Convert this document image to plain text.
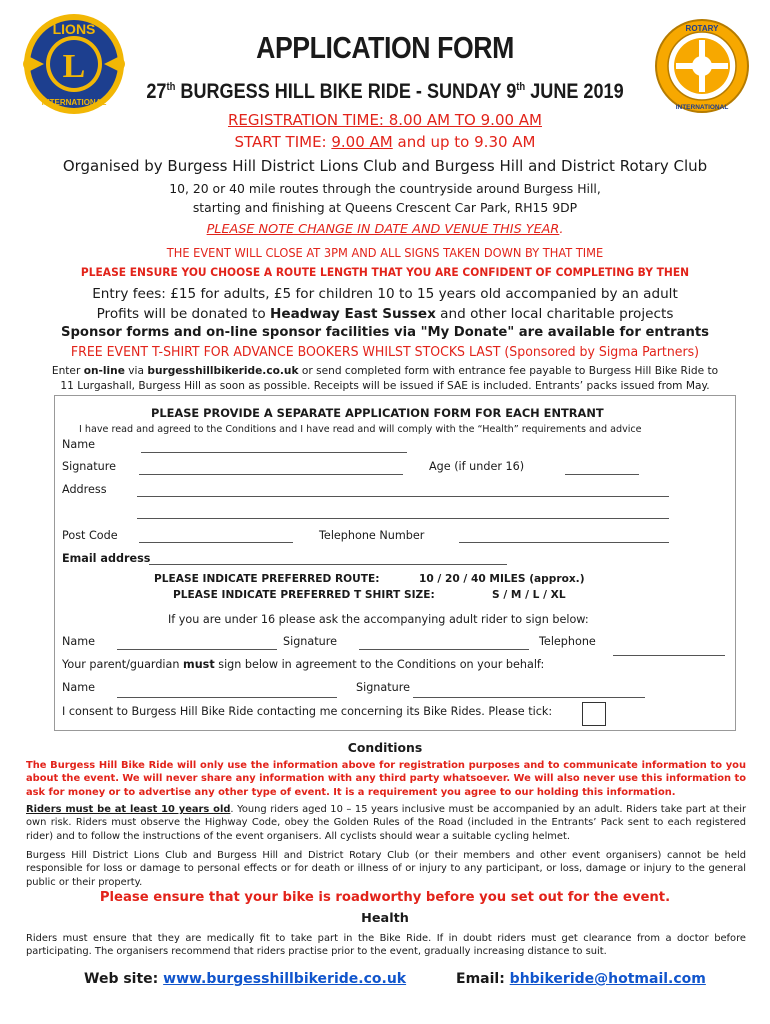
L
LIONS
INTERNATIONAL
ROTARY
INTERNATIONAL
APPLICATION FORM
27th BURGESS HILL BIKE RIDE - SUNDAY 9th JUNE 2019
REGISTRATION TIME: 8.00 AM TO 9.00 AM
START TIME: 9.00 AM and up to 9.30 AM
Organised by Burgess Hill District Lions Club and Burgess Hill and District Rotary Club
10, 20 or 40 mile routes through the countryside around Burgess Hill,
starting and finishing at Queens Crescent Car Park, RH15 9DP
PLEASE NOTE CHANGE IN DATE AND VENUE THIS YEAR.
THE EVENT WILL CLOSE AT 3PM AND ALL SIGNS TAKEN DOWN BY THAT TIME
PLEASE ENSURE YOU CHOOSE A ROUTE LENGTH THAT YOU ARE CONFIDENT OF COMPLETING BY THEN
Entry fees: £15 for adults, £5 for children 10 to 15 years old accompanied by an adult
Profits will be donated to Headway East Sussex and other local charitable projects
Sponsor forms and on-line sponsor facilities via "My Donate" are available for entrants
FREE EVENT T-SHIRT FOR ADVANCE BOOKERS WHILST STOCKS LAST (Sponsored by Sigma Partners)
Enter on-line via burgesshillbikeride.co.uk or send completed form with entrance fee payable to Burgess Hill Bike Ride to
11 Lurgashall, Burgess Hill as soon as possible. Receipts will be issued if SAE is included. Entrants’ packs issued from May.
PLEASE PROVIDE A SEPARATE APPLICATION FORM FOR EACH ENTRANT
I have read and agreed to the Conditions and I have read and will comply with the “Health” requirements and advice
Name
Signature	Age (if under 16)
Address
Post Code	Telephone Number
Email address
PLEASE INDICATE PREFERRED ROUTE:	10 / 20 / 40 MILES (approx.)
PLEASE INDICATE PREFERRED T SHIRT SIZE:	S / M / L / XL
If you are under 16 please ask the accompanying adult rider to sign below:
Name	Signature	Telephone
Your parent/guardian must sign below in agreement to the Conditions on your behalf:
Name	Signature
I consent to Burgess Hill Bike Ride contacting me concerning its Bike Rides. Please tick:
Conditions
The Burgess Hill Bike Ride will only use the information above for registration purposes and to communicate information to you about the event. We will never share any information with any third party whatsoever. We will also never use this information to ask for money or to advertise any other type of event. It is a requirement you agree to our holding this information.
Riders must be at least 10 years old. Young riders aged 10 – 15 years inclusive must be accompanied by an adult. Riders take part at their own risk. Riders must observe the Highway Code, obey the Golden Rules of the Road (included in the Entrants’ Pack sent to each registered rider) and to follow the instructions of the event organisers. All cyclists should wear a suitable cycling helmet.
Burgess Hill District Lions Club and Burgess Hill and District Rotary Club (or their members and other event organisers) cannot be held responsible for loss or damage to personal effects or for death or illness of or injury to any participant, or loss, damage or injury to the general public or their property.
Please ensure that your bike is roadworthy before you set out for the event.
Health
Riders must ensure that they are medically fit to take part in the Bike Ride. If in doubt riders must get clearance from a doctor before participating. The organisers recommend that riders practise prior to the event, gradually increasing distance to suit.
Web site: www.burgesshillbikeride.co.uk	Email: bhbikeride@hotmail.com
